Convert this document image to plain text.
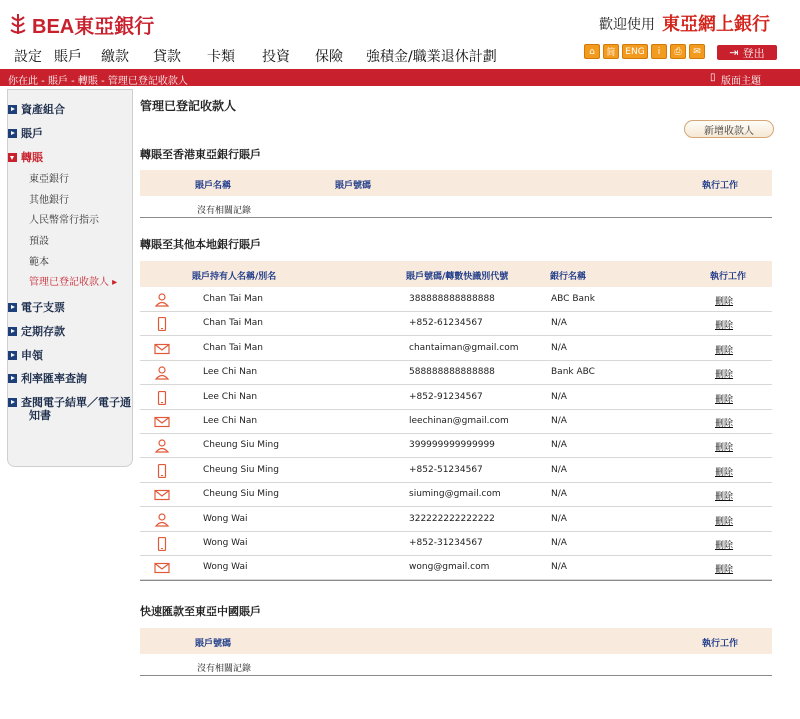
BEA東亞銀行	歡迎使用 東亞網上銀行
設定 賬戶 繳款 貸款 卡類 投資 保險 強積金/職業退休計劃	⌂	简	ENG	i	⎙	✉	⇥ 登出
你在此 - 賬戶 - 轉賬 - 管理已登記收款人	▯ 版面主題
資產組合
賬戶
轉賬
東亞銀行
其他銀行
人民幣常行指示
預設
範本
管理已登記收款人 ▸
電子支票
定期存款
申領
利率匯率查詢
查閱電子結單／電子通
知書
管理已登記收款人
新增收款人
轉賬至香港東亞銀行賬戶
賬戶名稱	賬戶號碼	執行工作
沒有相關記錄
轉賬至其他本地銀行賬戶
賬戶持有人名稱/別名	賬戶號碼/轉數快識別代號	銀行名稱	執行工作
Chan Tai Man	388888888888888	ABC Bank	刪除
Chan Tai Man	+852-61234567	N/A	刪除
Chan Tai Man	chantaiman@gmail.com	N/A	刪除
Lee Chi Nan	588888888888888	Bank ABC	刪除
Lee Chi Nan	+852-91234567	N/A	刪除
Lee Chi Nan	leechinan@gmail.com	N/A	刪除
Cheung Siu Ming	399999999999999	N/A	刪除
Cheung Siu Ming	+852-51234567	N/A	刪除
Cheung Siu Ming	siuming@gmail.com	N/A	刪除
Wong Wai	322222222222222	N/A	刪除
Wong Wai	+852-31234567	N/A	刪除
Wong Wai	wong@gmail.com	N/A	刪除
快速匯款至東亞中國賬戶
賬戶號碼	執行工作
沒有相關記錄
